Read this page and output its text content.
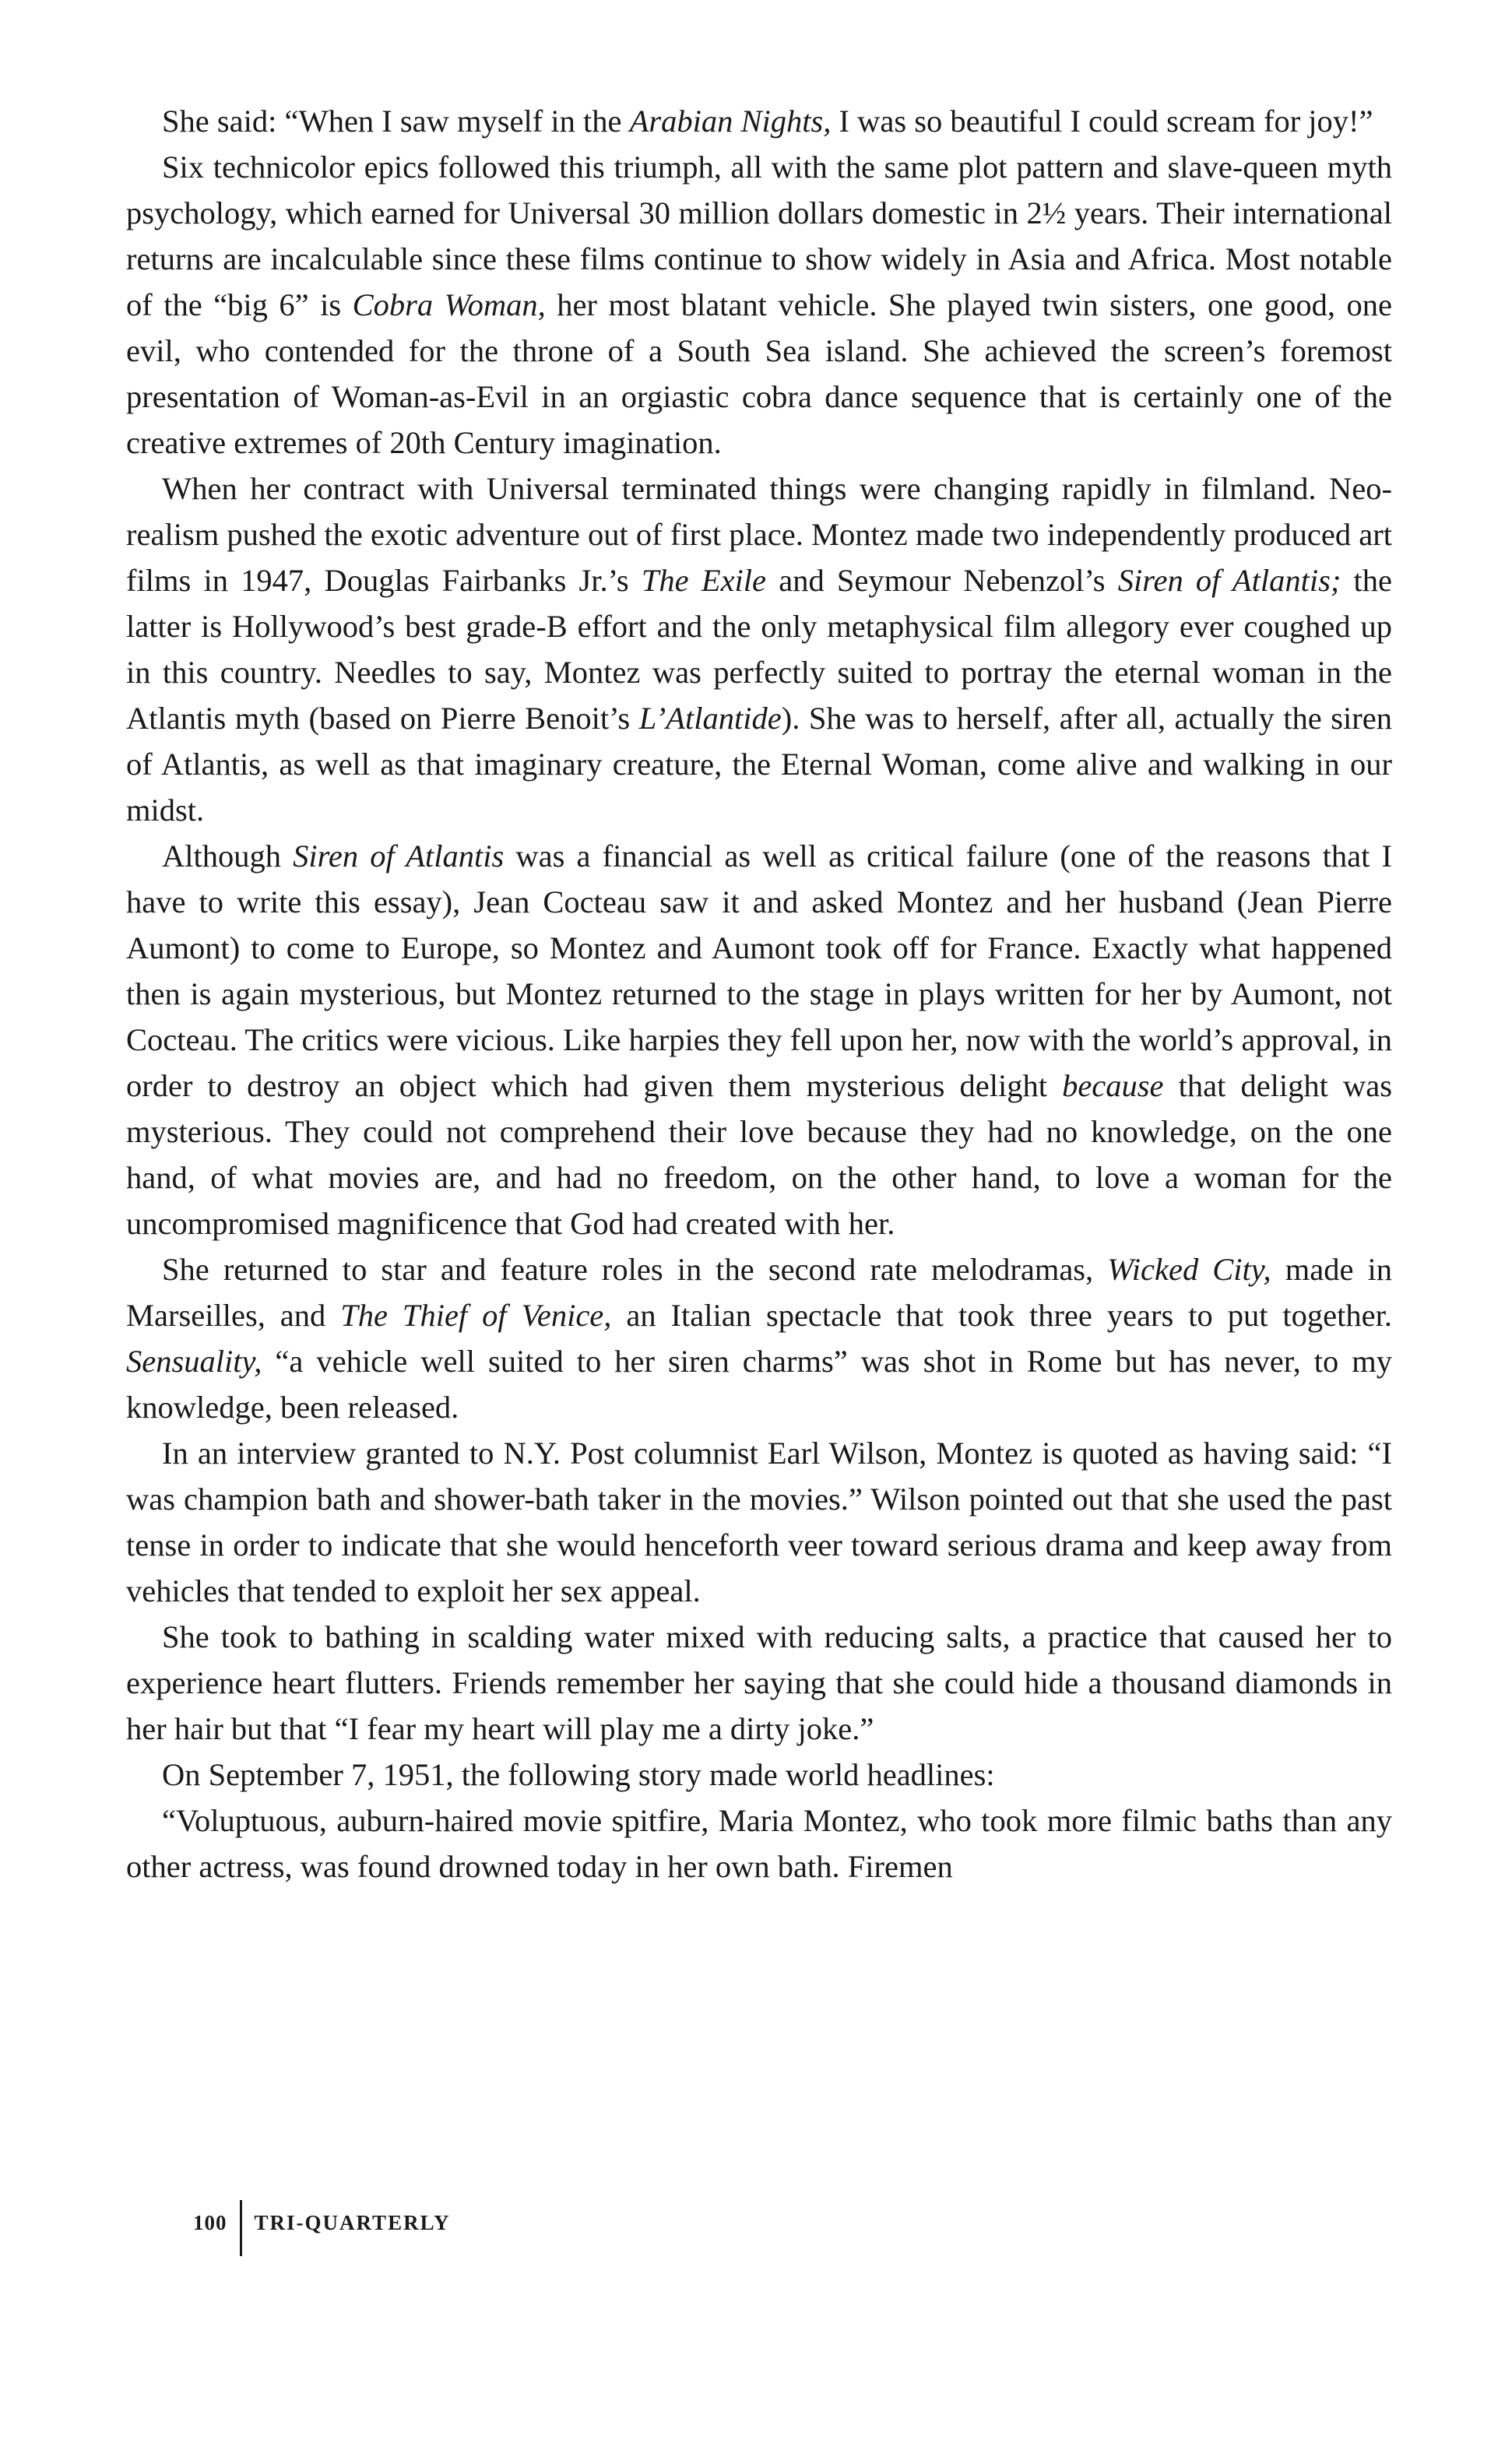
She said: “When I saw myself in the Arabian Nights, I was so beautiful I could scream for joy!”

Six technicolor epics followed this triumph, all with the same plot pattern and slave-queen myth psychology, which earned for Universal 30 million dollars domestic in 2½ years. Their international returns are incalculable since these films continue to show widely in Asia and Africa. Most notable of the “big 6” is Cobra Woman, her most blatant vehicle. She played twin sisters, one good, one evil, who contended for the throne of a South Sea island. She achieved the screen’s foremost presentation of Woman-as-Evil in an orgiastic cobra dance sequence that is certainly one of the creative extremes of 20th Century imagination.

When her contract with Universal terminated things were changing rapidly in filmland. Neo-realism pushed the exotic adventure out of first place. Montez made two independently produced art films in 1947, Douglas Fairbanks Jr.’s The Exile and Seymour Nebenzol’s Siren of Atlantis; the latter is Hollywood’s best grade-B effort and the only metaphysical film allegory ever coughed up in this country. Needles to say, Montez was perfectly suited to portray the eternal woman in the Atlantis myth (based on Pierre Benoit’s L’Atlantide). She was to herself, after all, actually the siren of Atlantis, as well as that imaginary creature, the Eternal Woman, come alive and walking in our midst.

Although Siren of Atlantis was a financial as well as critical failure (one of the reasons that I have to write this essay), Jean Cocteau saw it and asked Montez and her husband (Jean Pierre Aumont) to come to Europe, so Montez and Aumont took off for France. Exactly what happened then is again mysterious, but Montez returned to the stage in plays written for her by Aumont, not Cocteau. The critics were vicious. Like harpies they fell upon her, now with the world’s approval, in order to destroy an object which had given them mysterious delight because that delight was mysterious. They could not comprehend their love because they had no knowledge, on the one hand, of what movies are, and had no freedom, on the other hand, to love a woman for the uncompromised magnificence that God had created with her.

She returned to star and feature roles in the second rate melodramas, Wicked City, made in Marseilles, and The Thief of Venice, an Italian spectacle that took three years to put together. Sensuality, “a vehicle well suited to her siren charms” was shot in Rome but has never, to my knowledge, been released.

In an interview granted to N.Y. Post columnist Earl Wilson, Montez is quoted as having said: “I was champion bath and shower-bath taker in the movies.” Wilson pointed out that she used the past tense in order to indicate that she would henceforth veer toward serious drama and keep away from vehicles that tended to exploit her sex appeal.

She took to bathing in scalding water mixed with reducing salts, a practice that caused her to experience heart flutters. Friends remember her saying that she could hide a thousand diamonds in her hair but that “I fear my heart will play me a dirty joke.”

On September 7, 1951, the following story made world headlines:

“Voluptuous, auburn-haired movie spitfire, Maria Montez, who took more filmic baths than any other actress, was found drowned today in her own bath. Firemen

100	TRI-QUARTERLY
